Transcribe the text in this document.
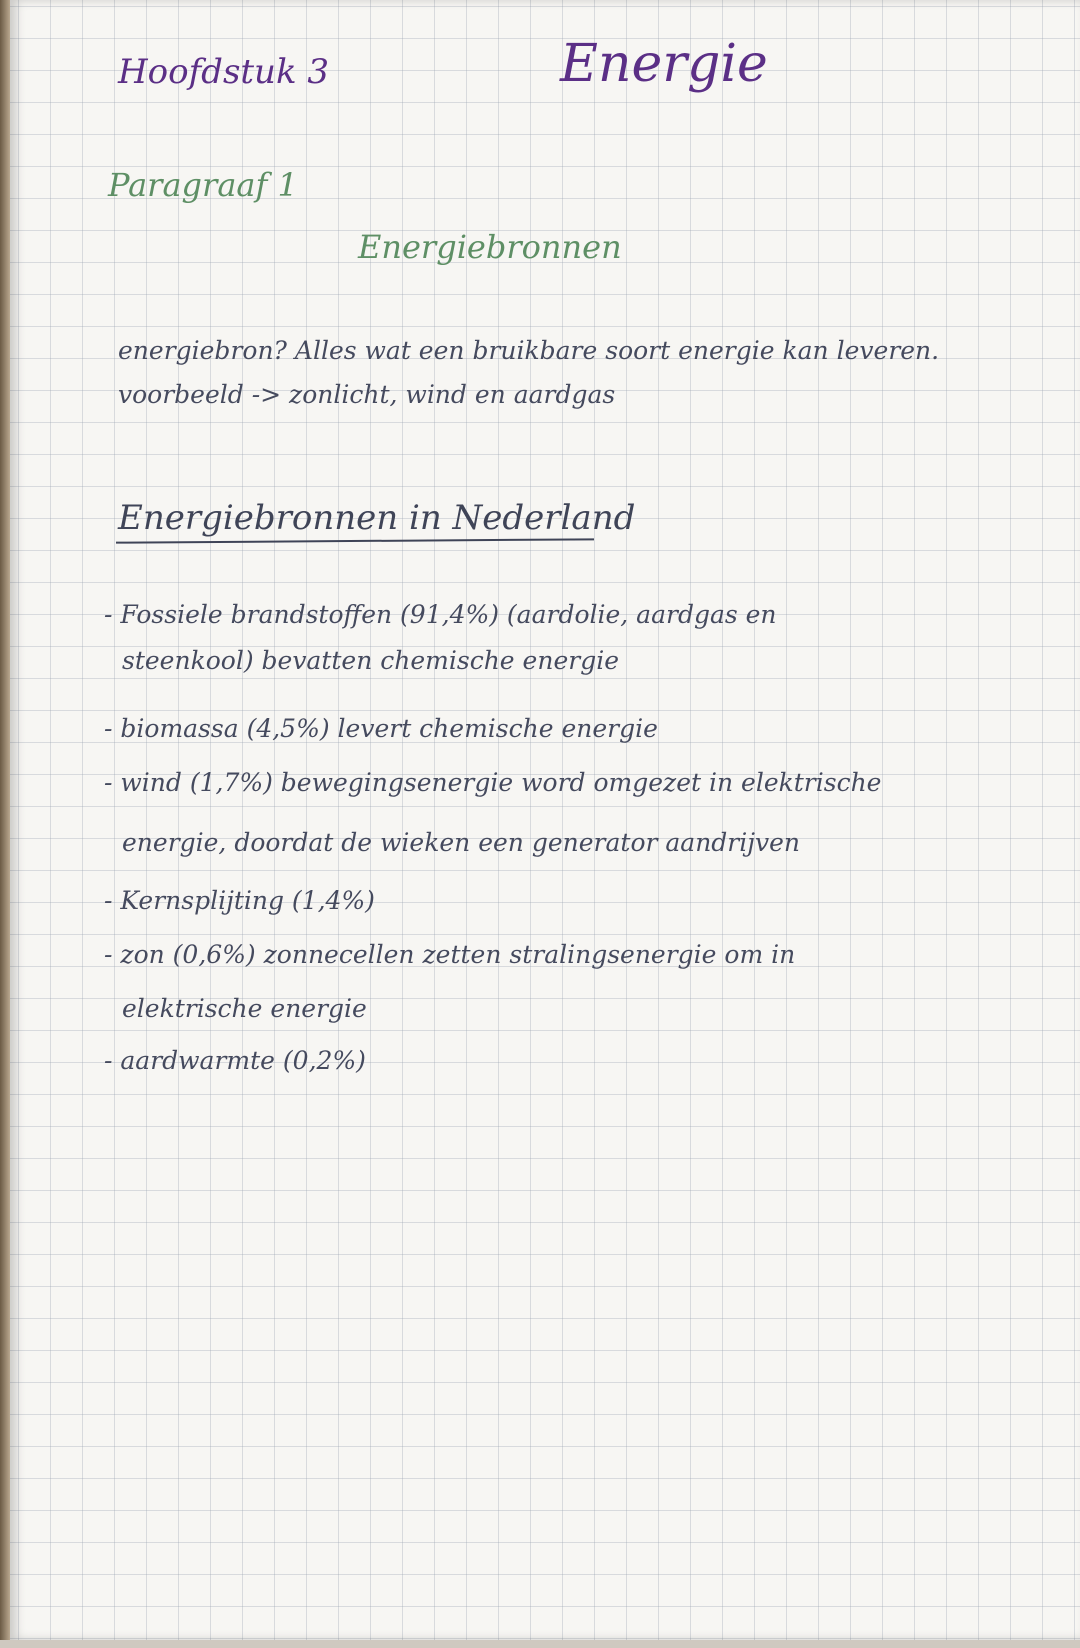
Hoofdstuk 3	Energie

Paragraaf 1

Energiebronnen

energiebron? Alles wat een bruikbare soort energie kan leveren.

voorbeeld -> zonlicht, wind en aardgas

Energiebronnen in Nederland

- Fossiele brandstoffen (91,4%) (aardolie, aardgas en

steenkool) bevatten chemische energie

- biomassa (4,5%) levert chemische energie

- wind (1,7%) bewegingsenergie word omgezet in elektrische

energie, doordat de wieken een generator aandrijven

- Kernsplijting (1,4%)

- zon (0,6%) zonnecellen zetten stralingsenergie om in

elektrische energie

- aardwarmte (0,2%)
